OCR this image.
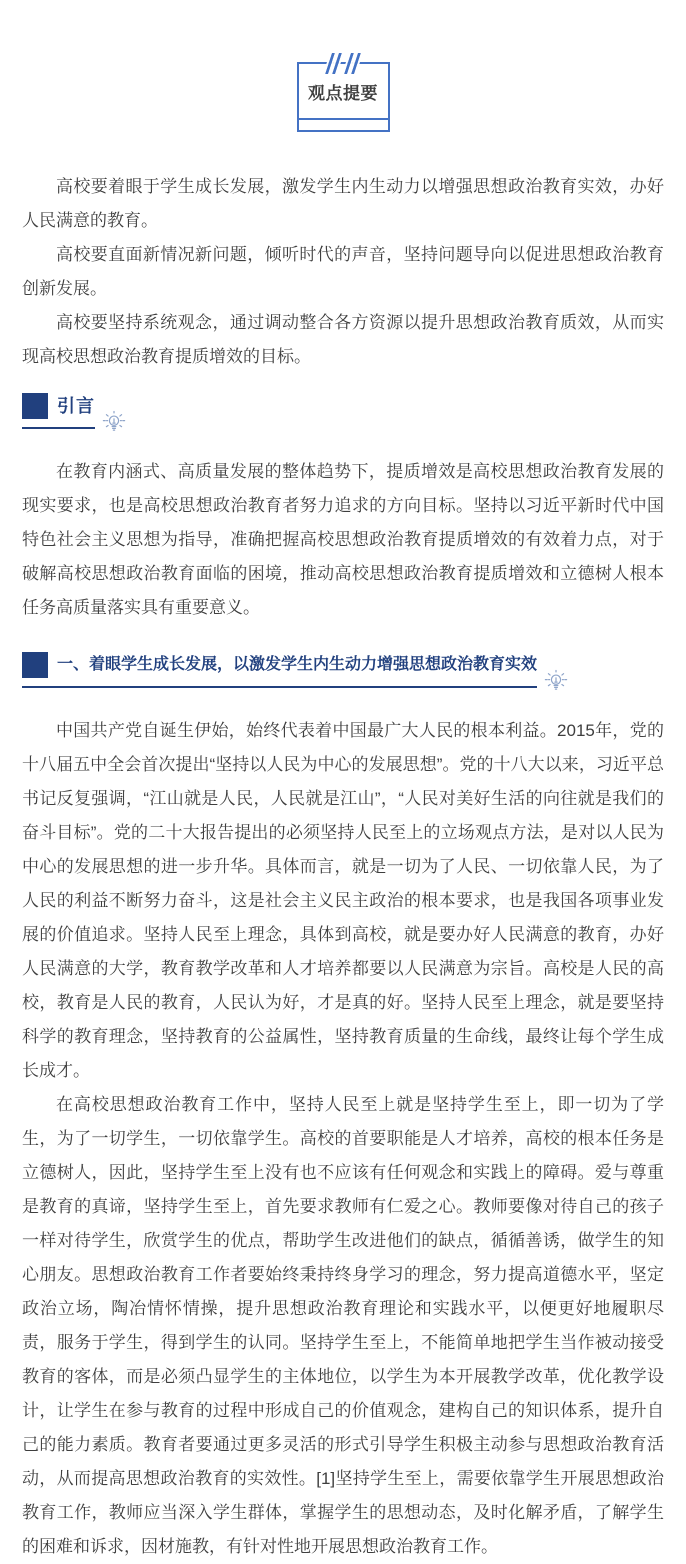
观点提要

高校要着眼于学生成长发展，激发学生内生动力以增强思想政治教育实效，办好人民满意的教育。

高校要直面新情况新问题，倾听时代的声音，坚持问题导向以促进思想政治教育创新发展。

高校要坚持系统观念，通过调动整合各方资源以提升思想政治教育质效，从而实现高校思想政治教育提质增效的目标。

引言

在教育内涵式、高质量发展的整体趋势下，提质增效是高校思想政治教育发展的现实要求，也是高校思想政治教育者努力追求的方向目标。坚持以习近平新时代中国特色社会主义思想为指导，准确把握高校思想政治教育提质增效的有效着力点，对于破解高校思想政治教育面临的困境，推动高校思想政治教育提质增效和立德树人根本任务高质量落实具有重要意义。

一、着眼学生成长发展，以激发学生内生动力增强思想政治教育实效

中国共产党自诞生伊始，始终代表着中国最广大人民的根本利益。2015年，党的十八届五中全会首次提出“坚持以人民为中心的发展思想”。党的十八大以来，习近平总书记反复强调，“江山就是人民，人民就是江山”，“人民对美好生活的向往就是我们的奋斗目标”。党的二十大报告提出的必须坚持人民至上的立场观点方法，是对以人民为中心的发展思想的进一步升华。具体而言，就是一切为了人民、一切依靠人民，为了人民的利益不断努力奋斗，这是社会主义民主政治的根本要求，也是我国各项事业发展的价值追求。坚持人民至上理念，具体到高校，就是要办好人民满意的教育，办好人民满意的大学，教育教学改革和人才培养都要以人民满意为宗旨。高校是人民的高校，教育是人民的教育，人民认为好，才是真的好。坚持人民至上理念，就是要坚持科学的教育理念，坚持教育的公益属性，坚持教育质量的生命线，最终让每个学生成长成才。

在高校思想政治教育工作中，坚持人民至上就是坚持学生至上，即一切为了学生，为了一切学生，一切依靠学生。高校的首要职能是人才培养，高校的根本任务是立德树人，因此，坚持学生至上没有也不应该有任何观念和实践上的障碍。爱与尊重是教育的真谛，坚持学生至上，首先要求教师有仁爱之心。教师要像对待自己的孩子一样对待学生，欣赏学生的优点，帮助学生改进他们的缺点，循循善诱，做学生的知心朋友。思想政治教育工作者要始终秉持终身学习的理念，努力提高道德水平，坚定政治立场，陶冶情怀情操，提升思想政治教育理论和实践水平，以便更好地履职尽责，服务于学生，得到学生的认同。坚持学生至上，不能简单地把学生当作被动接受教育的客体，而是必须凸显学生的主体地位，以学生为本开展教学改革，优化教学设计，让学生在参与教育的过程中形成自己的价值观念，建构自己的知识体系，提升自己的能力素质。教育者要通过更多灵活的形式引导学生积极主动参与思想政治教育活动，从而提高思想政治教育的实效性。[1]坚持学生至上，需要依靠学生开展思想政治教育工作，教师应当深入学生群体，掌握学生的思想动态，及时化解矛盾，了解学生的困难和诉求，因材施教，有针对性地开展思想政治教育工作。
